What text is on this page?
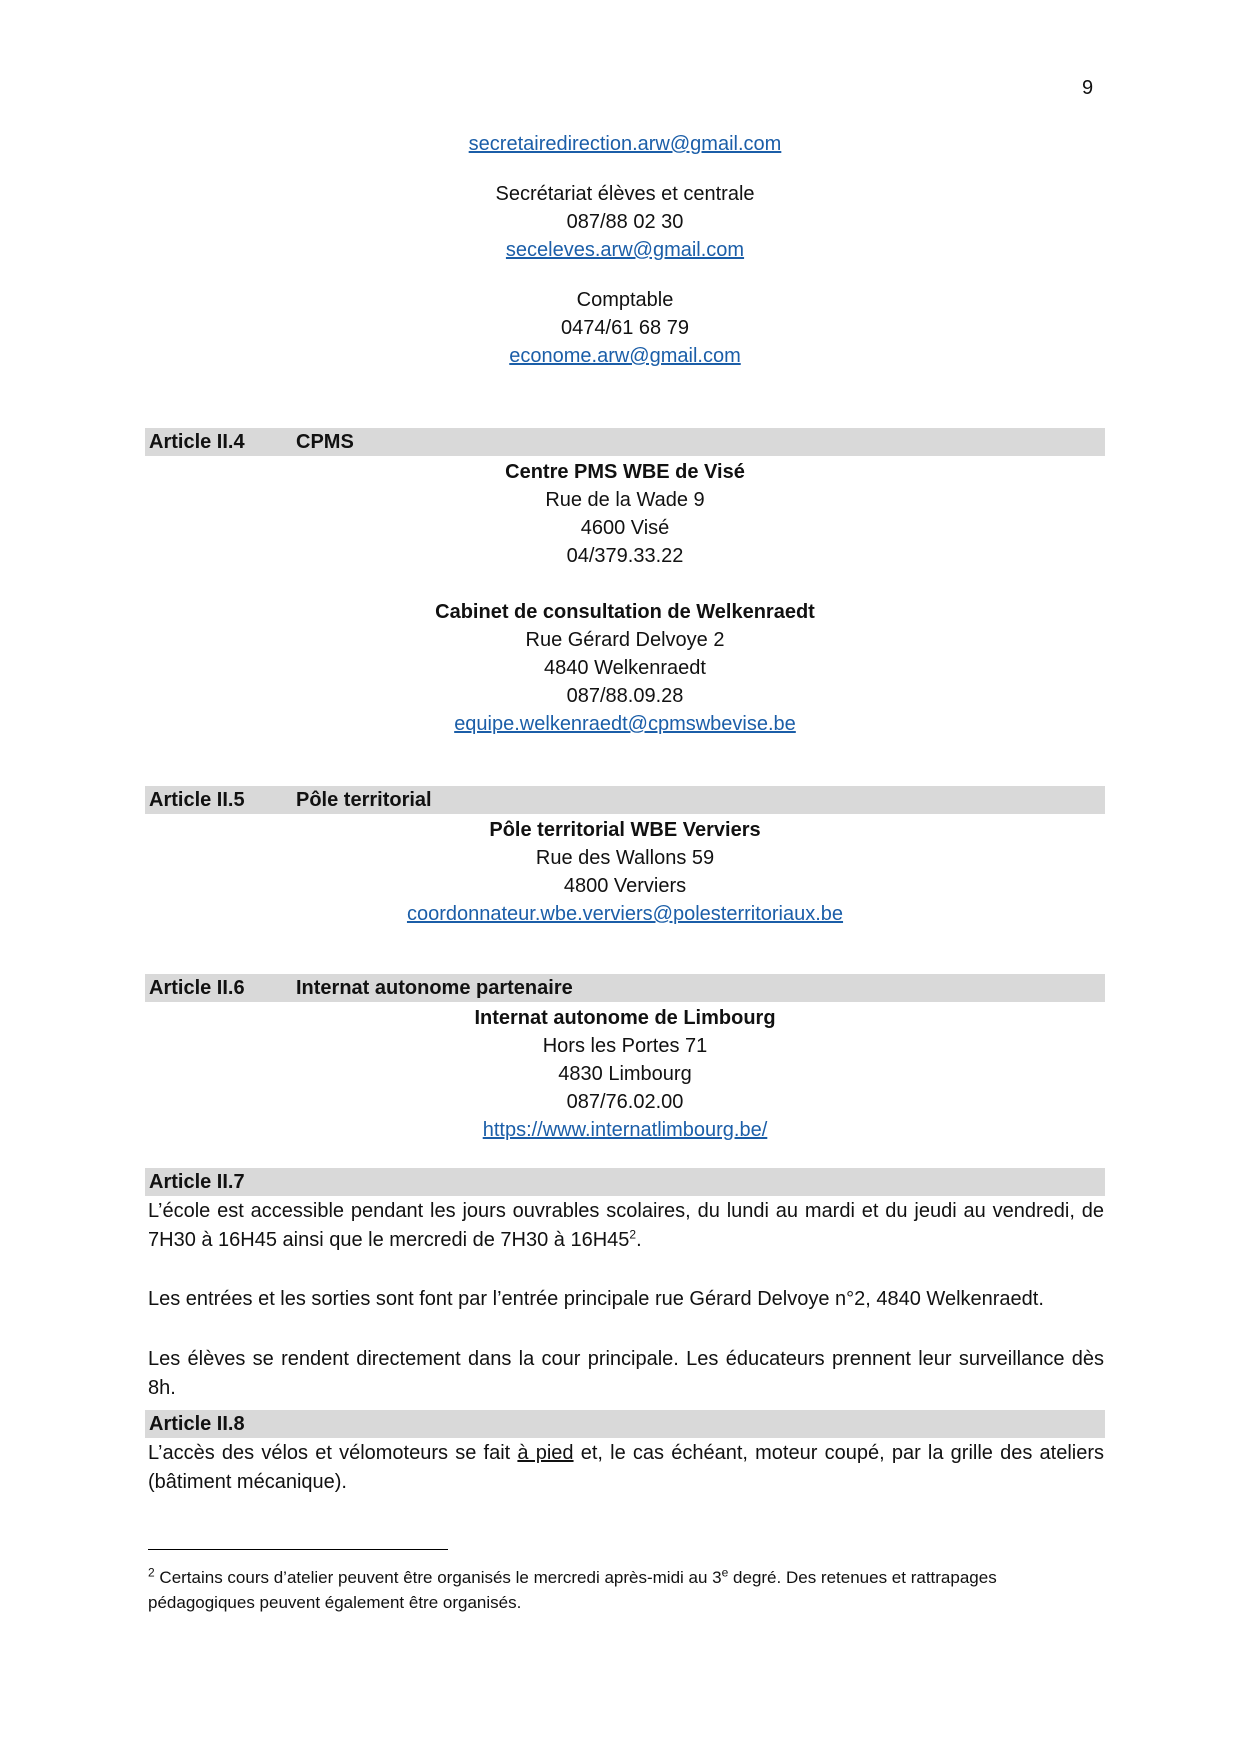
9
secretairedirection.arw@gmail.com
Secrétariat élèves et centrale
087/88 02 30
seceleves.arw@gmail.com
Comptable
0474/61 68 79
econome.arw@gmail.com
Article II.4	CPMS
Centre PMS WBE de Visé
Rue de la Wade 9
4600 Visé
04/379.33.22
Cabinet de consultation de Welkenraedt
Rue Gérard Delvoye 2
4840 Welkenraedt
087/88.09.28
equipe.welkenraedt@cpmswbevise.be
Article II.5	Pôle territorial
Pôle territorial WBE Verviers
Rue des Wallons 59
4800 Verviers
coordonnateur.wbe.verviers@polesterritoriaux.be
Article II.6	Internat autonome partenaire
Internat autonome de Limbourg
Hors les Portes 71
4830 Limbourg
087/76.02.00
https://www.internatlimbourg.be/
Article II.7
L’école est accessible pendant les jours ouvrables scolaires, du lundi au mardi et du jeudi au vendredi, de 7H30 à 16H45 ainsi que le mercredi de 7H30 à $16H45^2$.
Les entrées et les sorties sont font par l’entrée principale rue Gérard Delvoye n°2, 4840 Welkenraedt.
Les élèves se rendent directement dans la cour principale. Les éducateurs prennent leur surveillance dès 8h.
Article II.8
L’accès des vélos et vélomoteurs se fait à pied et, le cas échéant, moteur coupé, par la grille des ateliers (bâtiment mécanique).
$^2$ Certains cours d’atelier peuvent être organisés le mercredi après-midi au 3e degré. Des retenues et rattrapages pédagogiques peuvent également être organisés.
